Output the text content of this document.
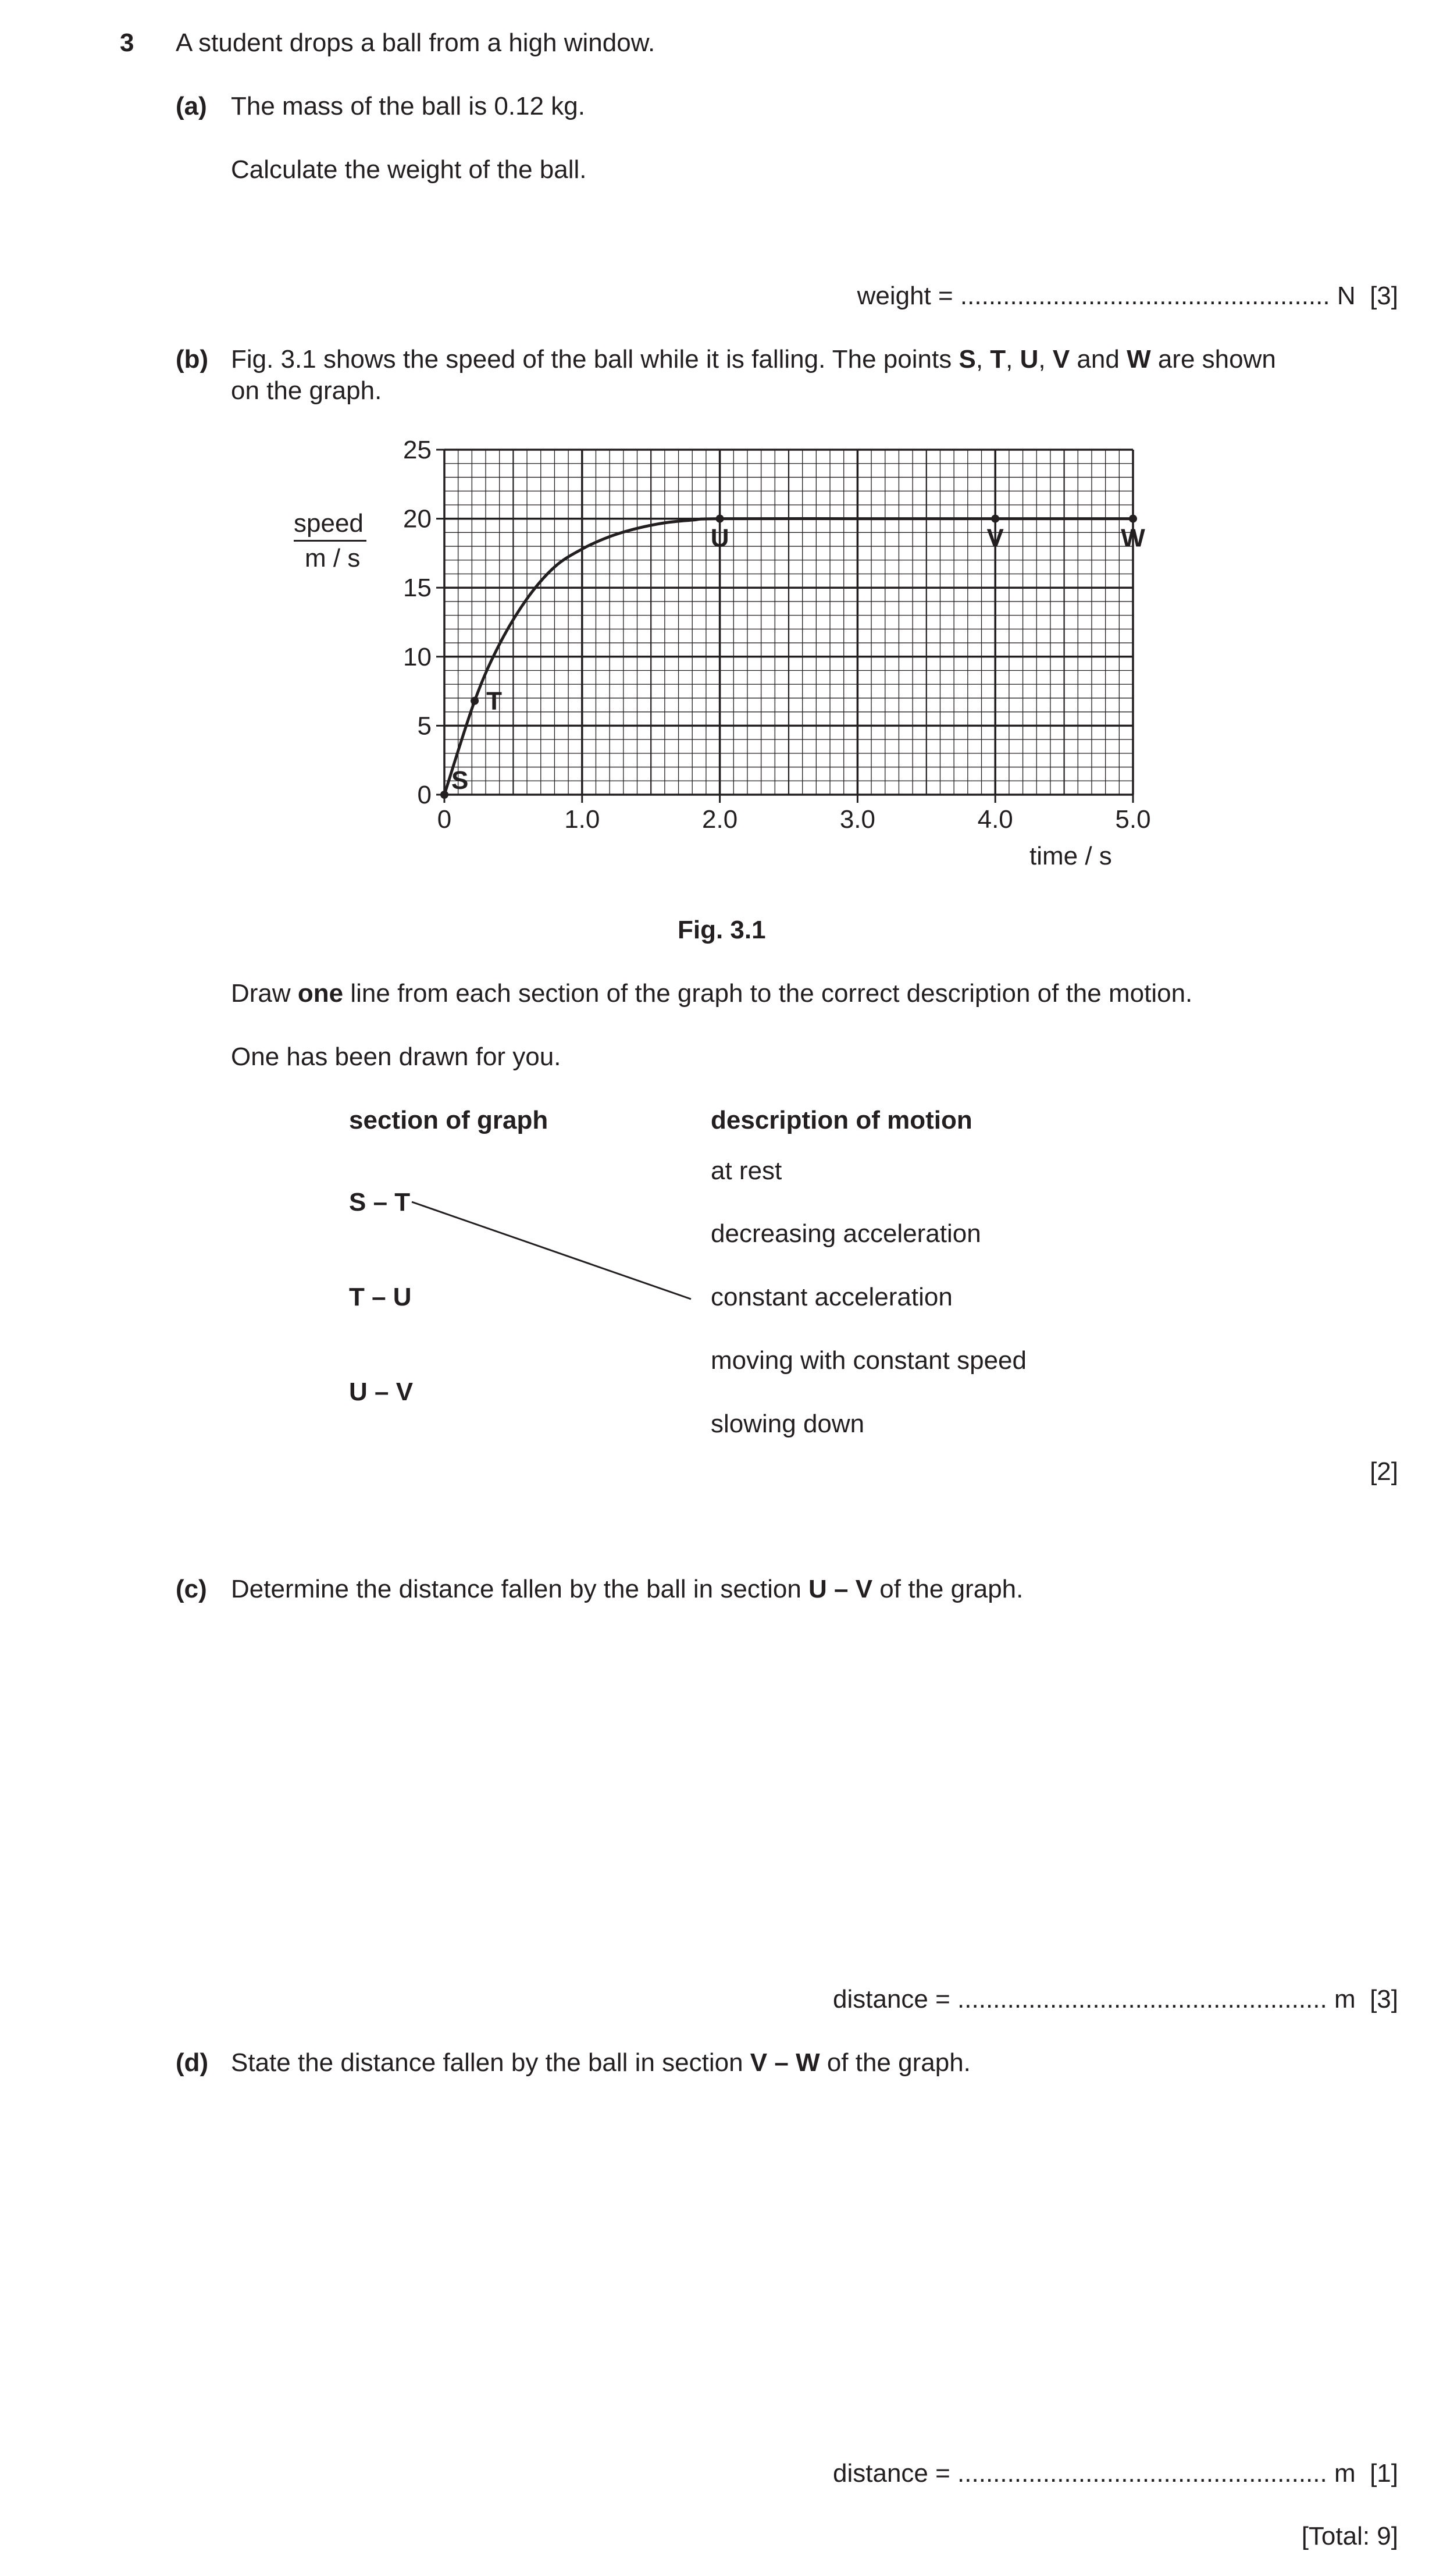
3 A student drops a ball from a high window.
(a) The mass of the ball is 0.12 kg.
Calculate the weight of the ball.
weight = .................................................... N [3]
(b) Fig. 3.1 shows the speed of the ball while it is falling. The points S, T, U, V and W are shown
on the graph.
speed
m / s
0	1.0	2.0	3.0	4.0	5.0
0
5
10
15
20
25
S
T
U	V	W
time / s
Fig. 3.1
Draw one line from each section of the graph to the correct description of the motion.
One has been drawn for you.
section of graph	description of motion
S – T
T – U
U – V
at rest
decreasing acceleration
constant acceleration
moving with constant speed
slowing down
[2]
(c) Determine the distance fallen by the ball in section U – V of the graph.
distance = .................................................... m [3]
(d) State the distance fallen by the ball in section V – W of the graph.
distance = .................................................... m [1]
[Total: 9]
